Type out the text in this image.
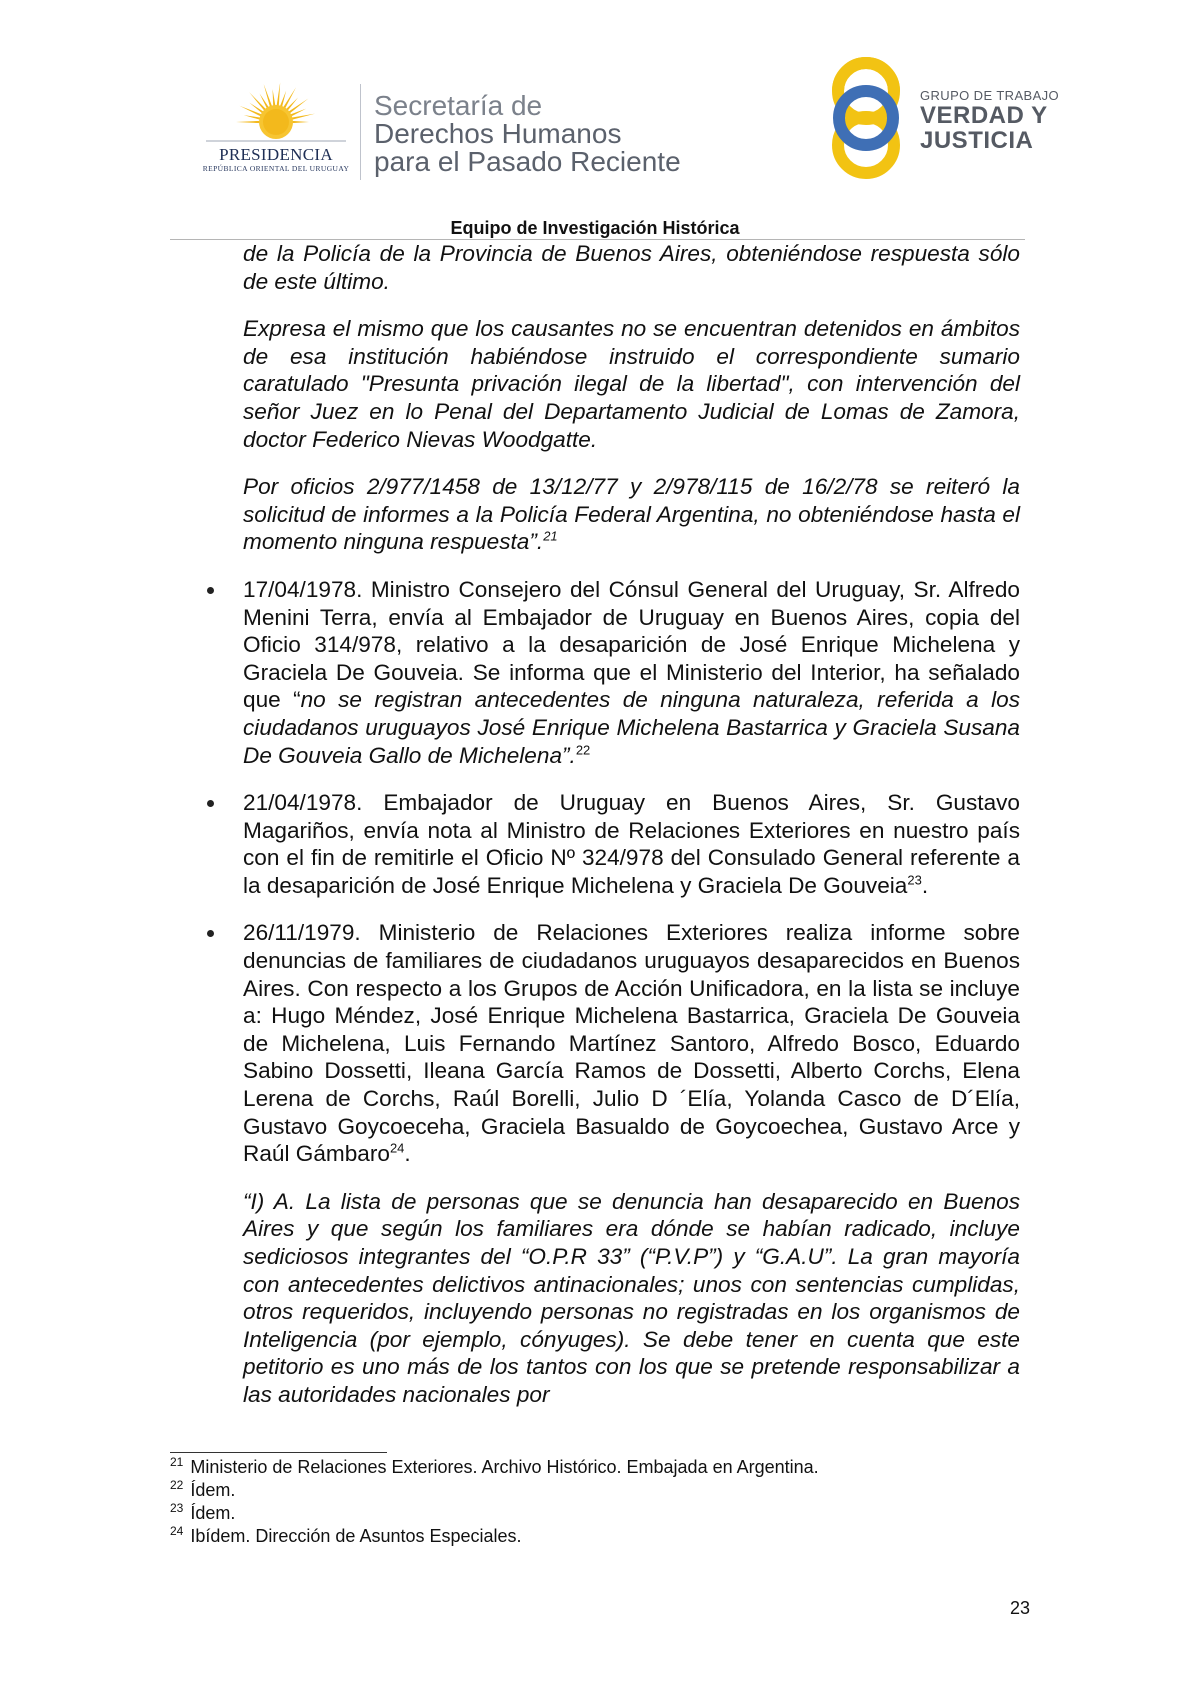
PRESIDENCIA
REPÚBLICA ORIENTAL DEL URUGUAY
Secretaría de
Derechos Humanos
para el Pasado Reciente
GRUPO DE TRABAJO
VERDAD Y
JUSTICIA
Equipo de Investigación Histórica

de la Policía de la Provincia de Buenos Aires, obteniéndose respuesta sólo de este último.

Expresa el mismo que los causantes no se encuentran detenidos en ámbitos de esa institución habiéndose instruido el correspondiente sumario caratulado "Presunta privación ilegal de la libertad", con intervención del señor Juez en lo Penal del Departamento Judicial de Lomas de Zamora, doctor Federico Nievas Woodgatte.

Por oficios 2/977/1458 de 13/12/77 y 2/978/115 de 16/2/78 se reiteró la solicitud de informes a la Policía Federal Argentina, no obteniéndose hasta el momento ninguna respuesta”.$^{21}$

17/04/1978. Ministro Consejero del Cónsul General del Uruguay, Sr. Alfredo Menini Terra, envía al Embajador de Uruguay en Buenos Aires, copia del Oficio 314/978, relativo a la desaparición de José Enrique Michelena y Graciela De Gouveia. Se informa que el Ministerio del Interior, ha señalado que “no se registran antecedentes de ninguna naturaleza, referida a los ciudadanos uruguayos José Enrique Michelena Bastarrica y Graciela Susana De Gouveia Gallo de Michelena”.$^{22}$
21/04/1978. Embajador de Uruguay en Buenos Aires, Sr. Gustavo Magariños, envía nota al Ministro de Relaciones Exteriores en nuestro país con el fin de remitirle el Oficio Nº 324/978 del Consulado General referente a la desaparición de José Enrique Michelena y Graciela De Gouveia$^{23}$.
26/11/1979. Ministerio de Relaciones Exteriores realiza informe sobre denuncias de familiares de ciudadanos uruguayos desaparecidos en Buenos Aires. Con respecto a los Grupos de Acción Unificadora, en la lista se incluye a: Hugo Méndez, José Enrique Michelena Bastarrica, Graciela De Gouveia de Michelena, Luis Fernando Martínez Santoro, Alfredo Bosco, Eduardo Sabino Dossetti, Ileana García Ramos de Dossetti, Alberto Corchs, Elena Lerena de Corchs, Raúl Borelli, Julio D ´Elía, Yolanda Casco de D´Elía, Gustavo Goycoeceha, Graciela Basualdo de Goycoechea, Gustavo Arce y Raúl Gámbaro$^{24}$.

“I) A. La lista de personas que se denuncia han desaparecido en Buenos Aires y que según los familiares era dónde se habían radicado, incluye sediciosos integrantes del “O.P.R 33” (“P.V.P”) y “G.A.U”. La gran mayoría con antecedentes delictivos antinacionales; unos con sentencias cumplidas, otros requeridos, incluyendo personas no registradas en los organismos de Inteligencia (por ejemplo, cónyuges). Se debe tener en cuenta que este petitorio es uno más de los tantos con los que se pretende responsabilizar a las autoridades nacionales por

$^{21}$ Ministerio de Relaciones Exteriores. Archivo Histórico. Embajada en Argentina.
$^{22}$ Ídem.
$^{23}$ Ídem.
$^{24}$ Ibídem. Dirección de Asuntos Especiales.
23
